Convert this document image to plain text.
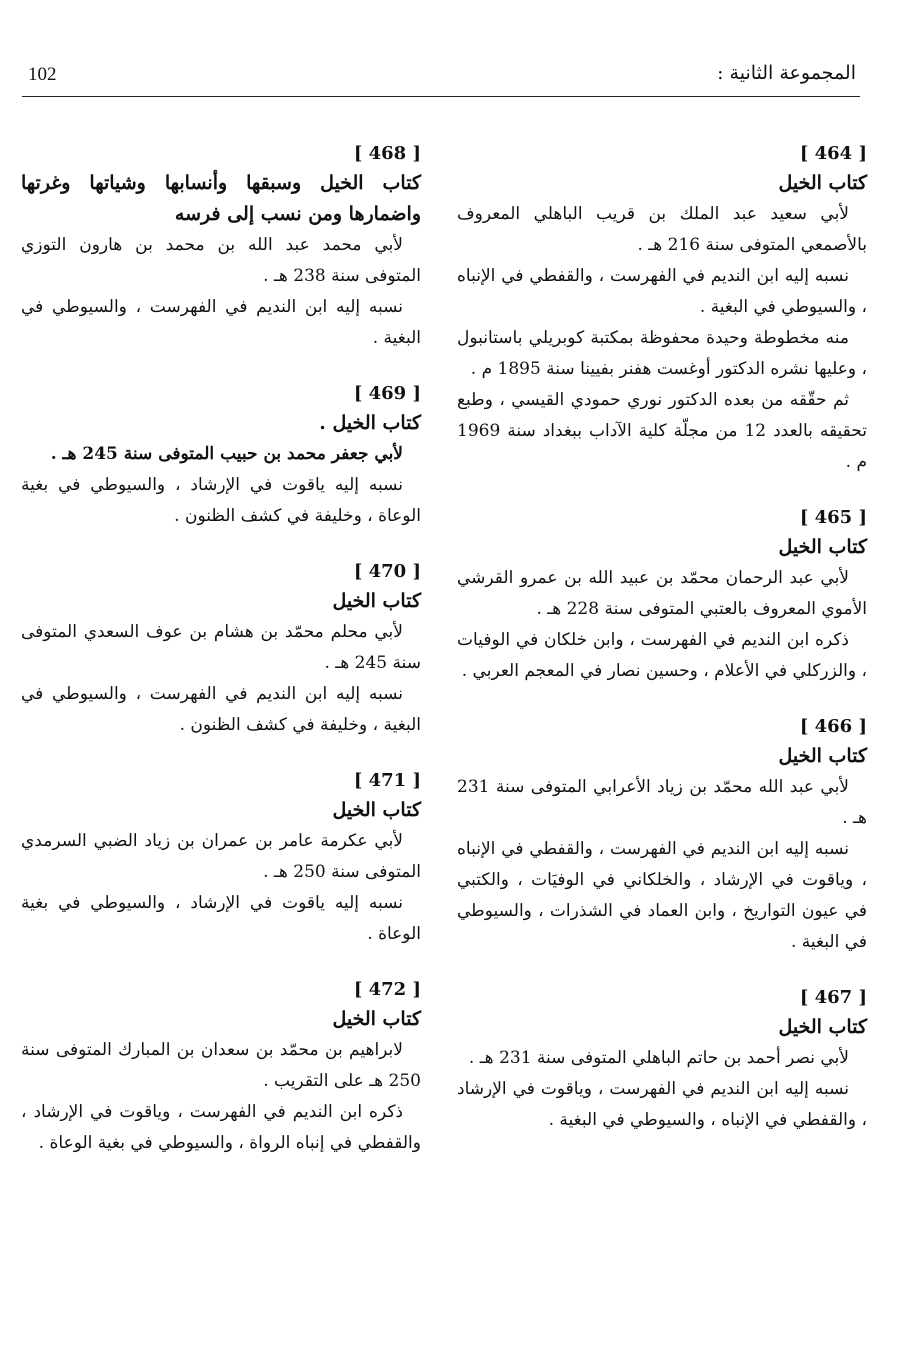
102	المجموعة الثانية :
[ 464 ]
كتاب الخيل

لأبي سعيد عبد الملك بن قريب الباهلي المعروف بالأصمعي المتوفى سنة 216 هـ .

نسبه إليه ابن النديم في الفهرست ، والقفطي في الإنباه ، والسيوطي في البغية .

منه مخطوطة وحيدة محفوظة بمكتبة كوبريلي باستانبول ، وعليها نشره الدكتور أوغست هفنر بفيينا سنة 1895 م .

ثم حقّقه من بعده الدكتور نوري حمودي القيسي ، وطبع تحقيقه بالعدد 12 من مجلّة كلية الآداب ببغداد سنة 1969 م .

[ 465 ]
كتاب الخيل

لأبي عبد الرحمان محمّد بن عبيد الله بن عمرو القرشي الأموي المعروف بالعتبي المتوفى سنة 228 هـ .

ذكره ابن النديم في الفهرست ، وابن خلكان في الوفيات ، والزركلي في الأعلام ، وحسين نصار في المعجم العربي .

[ 466 ]
كتاب الخيل

لأبي عبد الله محمّد بن زياد الأعرابي المتوفى سنة 231 هـ .

نسبه إليه ابن النديم في الفهرست ، والقفطي في الإنباه ، وياقوت في الإرشاد ، والخلكاني في الوفيَات ، والكتبي في عيون التواريخ ، وابن العماد في الشذرات ، والسيوطي في البغية .

[ 467 ]
كتاب الخيل

لأبي نصر أحمد بن حاتم الباهلي المتوفى سنة 231 هـ .

نسبه إليه ابن النديم في الفهرست ، وياقوت في الإرشاد ، والقفطي في الإنباه ، والسيوطي في البغية .

[ 468 ]
كتاب الخيل وسبقها وأنسابها وشياتها وغرتها واضمارها ومن نسب إلى فرسه

لأبي محمد عبد الله بن محمد بن هارون التوزي المتوفى سنة 238 هـ .

نسبه إليه ابن النديم في الفهرست ، والسيوطي في البغية .

[ 469 ]
كتاب الخيل .

لأبي جعفر محمد بن حبيب المتوفى سنة 245 هـ .

نسبه إليه ياقوت في الإرشاد ، والسيوطي في بغية الوعاة ، وخليفة في كشف الظنون .

[ 470 ]
كتاب الخيل

لأبي محلم محمّد بن هشام بن عوف السعدي المتوفى سنة 245 هـ .

نسبه إليه ابن النديم في الفهرست ، والسيوطي في البغية ، وخليفة في كشف الظنون .

[ 471 ]
كتاب الخيل

لأبي عكرمة عامر بن عمران بن زياد الضبي السرمدي المتوفى سنة 250 هـ .

نسبه إليه ياقوت في الإرشاد ، والسيوطي في بغية الوعاة .

[ 472 ]
كتاب الخيل

لابراهيم بن محمّد بن سعدان بن المبارك المتوفى سنة 250 هـ على التقريب .

ذكره ابن النديم في الفهرست ، وياقوت في الإرشاد ، والقفطي في إنباه الرواة ، والسيوطي في بغية الوعاة .
